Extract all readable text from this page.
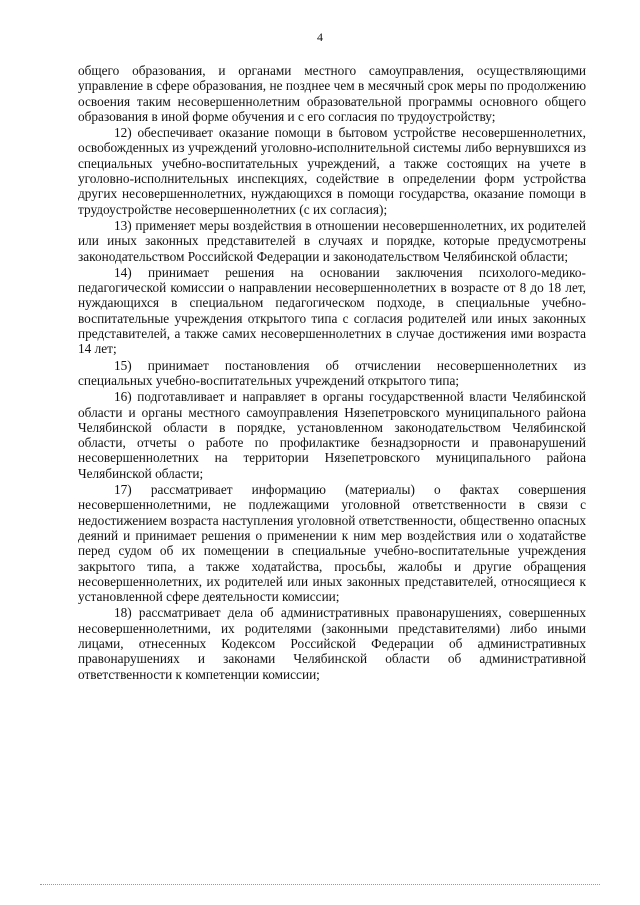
4

общего образования, и органами местного самоуправления, осуществляющими управление в сфере образования, не позднее чем в месячный срок меры по продолжению освоения таким несовершеннолетним образовательной программы основного общего образования в иной форме обучения и с его согласия по трудоустройству;

12) обеспечивает оказание помощи в бытовом устройстве несовершеннолетних, освобожденных из учреждений уголовно-исполнительной системы либо вернувшихся из специальных учебно-воспитательных учреждений, а также состоящих на учете в уголовно-исполнительных инспекциях, содействие в определении форм устройства других несовершеннолетних, нуждающихся в помощи государства, оказание помощи в трудоустройстве несовершеннолетних (с их согласия);

13) применяет меры воздействия в отношении несовершеннолетних, их родителей или иных законных представителей в случаях и порядке, которые предусмотрены законодательством Российской Федерации и законодательством Челябинской области;

14) принимает решения на основании заключения психолого-медико-педагогической комиссии о направлении несовершеннолетних в возрасте от 8 до 18 лет, нуждающихся в специальном педагогическом подходе, в специальные учебно-воспитательные учреждения открытого типа с согласия родителей или иных законных представителей, а также самих несовершеннолетних в случае достижения ими возраста 14 лет;

15) принимает постановления об отчислении несовершеннолетних из специальных учебно-воспитательных учреждений открытого типа;

16) подготавливает и направляет в органы государственной власти Челябинской области и органы местного самоуправления Нязепетровского муниципального района Челябинской области в порядке, установленном законодательством Челябинской области, отчеты о работе по профилактике безнадзорности и правонарушений несовершеннолетних на территории Нязепетровского муниципального района Челябинской области;

17) рассматривает информацию (материалы) о фактах совершения несовершеннолетними, не подлежащими уголовной ответственности в связи с недостижением возраста наступления уголовной ответственности, общественно опасных деяний и принимает решения о применении к ним мер воздействия или о ходатайстве перед судом об их помещении в специальные учебно-воспитательные учреждения закрытого типа, а также ходатайства, просьбы, жалобы и другие обращения несовершеннолетних, их родителей или иных законных представителей, относящиеся к установленной сфере деятельности комиссии;

18) рассматривает дела об административных правонарушениях, совершенных несовершеннолетними, их родителями (законными представителями) либо иными лицами, отнесенных Кодексом Российской Федерации об административных правонарушениях и законами Челябинской области об административной ответственности к компетенции комиссии;
